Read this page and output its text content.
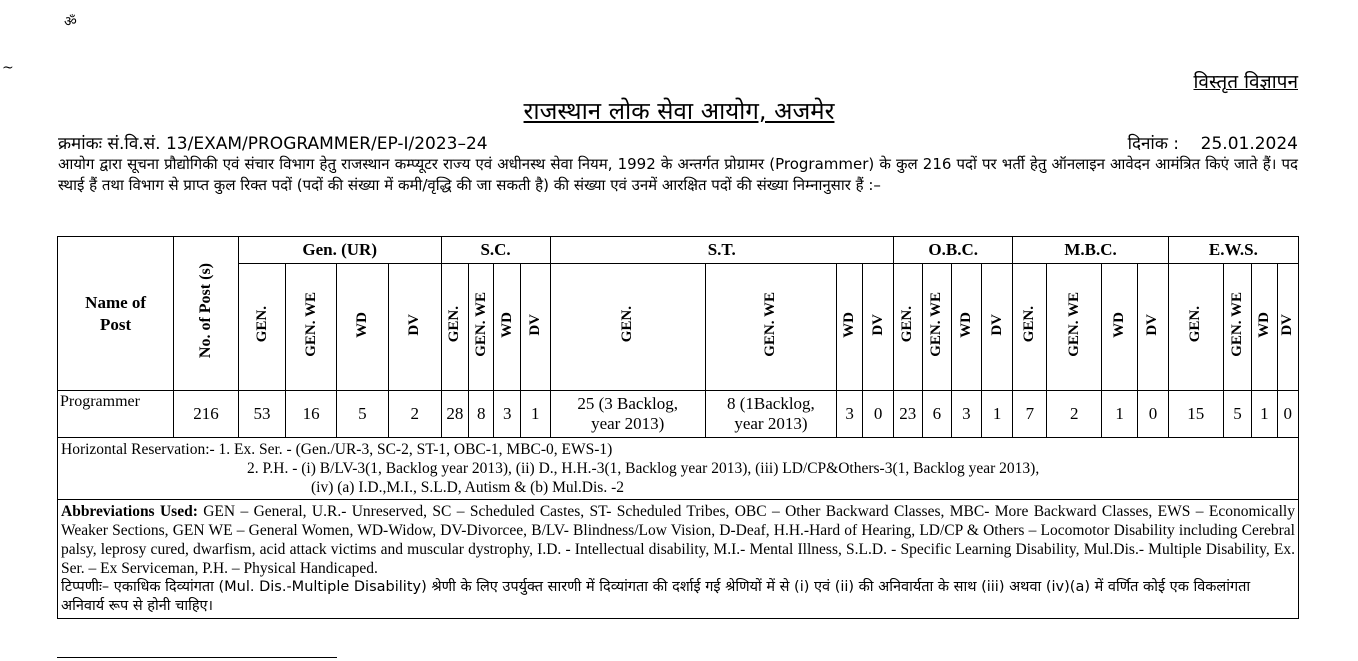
ॐ
~
विस्तृत विज्ञापन
राजस्थान लोक सेवा आयोग, अजमेर
क्रमांकः सं.वि.सं. 13/EXAM/PROGRAMMER/EP-I/2023–24	दिनांक : 25.01.2024
आयोग द्वारा सूचना प्रौद्योगिकी एवं संचार विभाग हेतु राजस्थान कम्प्यूटर राज्य एवं अधीनस्थ सेवा नियम, 1992 के अन्तर्गत प्रोग्रामर (Programmer) के कुल 216 पदों पर भर्ती हेतु ऑनलाइन आवेदन आमंत्रित किएं जाते हैं। पद स्थाई हैं तथा विभाग से प्राप्त कुल रिक्त पदों (पदों की संख्या में कमी/वृद्धि की जा सकती है) की संख्या एवं उनमें आरक्षित पदों की संख्या निम्नानुसार हैं :–
Name of
Post	No. of Post (s)	Gen. (UR)				S.C.				S.T.				O.B.C.				M.B.C.				E.W.S.			
		GEN.	GEN. WE	WD	DV	GEN.	GEN. WE	WD	DV	GEN.	GEN. WE	WD	DV	GEN.	GEN. WE	WD	DV	GEN.	GEN. WE	WD	DV	GEN.	GEN. WE	WD	DV
Programmer	216	53	16	5	2	28	8	3	1	25 (3 Backlog,
year 2013)	8 (1Backlog,
year 2013)	3	0	23	6	3	1	7	2	1	0	15	5	1	0

Horizontal Reservation:- 1. Ex. Ser. - (Gen./UR-3, SC-2, ST-1, OBC-1, MBC-0, EWS-1)
2. P.H. - (i) B/LV-3(1, Backlog year 2013), (ii) D., H.H.-3(1, Backlog year 2013), (iii) LD/CP&Others-3(1, Backlog year 2013),
(iv) (a) I.D.,M.I., S.L.D, Autism & (b) Mul.Dis. -2																									

Abbreviations Used: GEN – General, U.R.- Unreserved, SC – Scheduled Castes, ST- Scheduled Tribes, OBC – Other Backward Classes, MBC- More Backward Classes, EWS – Economically Weaker Sections, GEN WE – General Women, WD-Widow, DV-Divorcee, B/LV- Blindness/Low Vision, D-Deaf, H.H.-Hard of Hearing, LD/CP & Others – Locomotor Disability including Cerebral palsy, leprosy cured, dwarfism, acid attack victims and muscular dystrophy, I.D. - Intellectual disability, M.I.- Mental Illness, S.L.D. - Specific Learning Disability, Mul.Dis.- Multiple Disability, Ex. Ser. – Ex Serviceman, P.H. – Physical Handicaped.
टिप्पणीः– एकाधिक दिव्यांगता (Mul. Dis.-Multiple Disability) श्रेणी के लिए उपर्युक्त सारणी में दिव्यांगता की दर्शाई गई श्रेणियों में से (i) एवं (ii) की अनिवार्यता के साथ (iii) अथवा (iv)(a) में वर्णित कोई एक विकलांगता अनिवार्य रूप से होनी चाहिए।																									
